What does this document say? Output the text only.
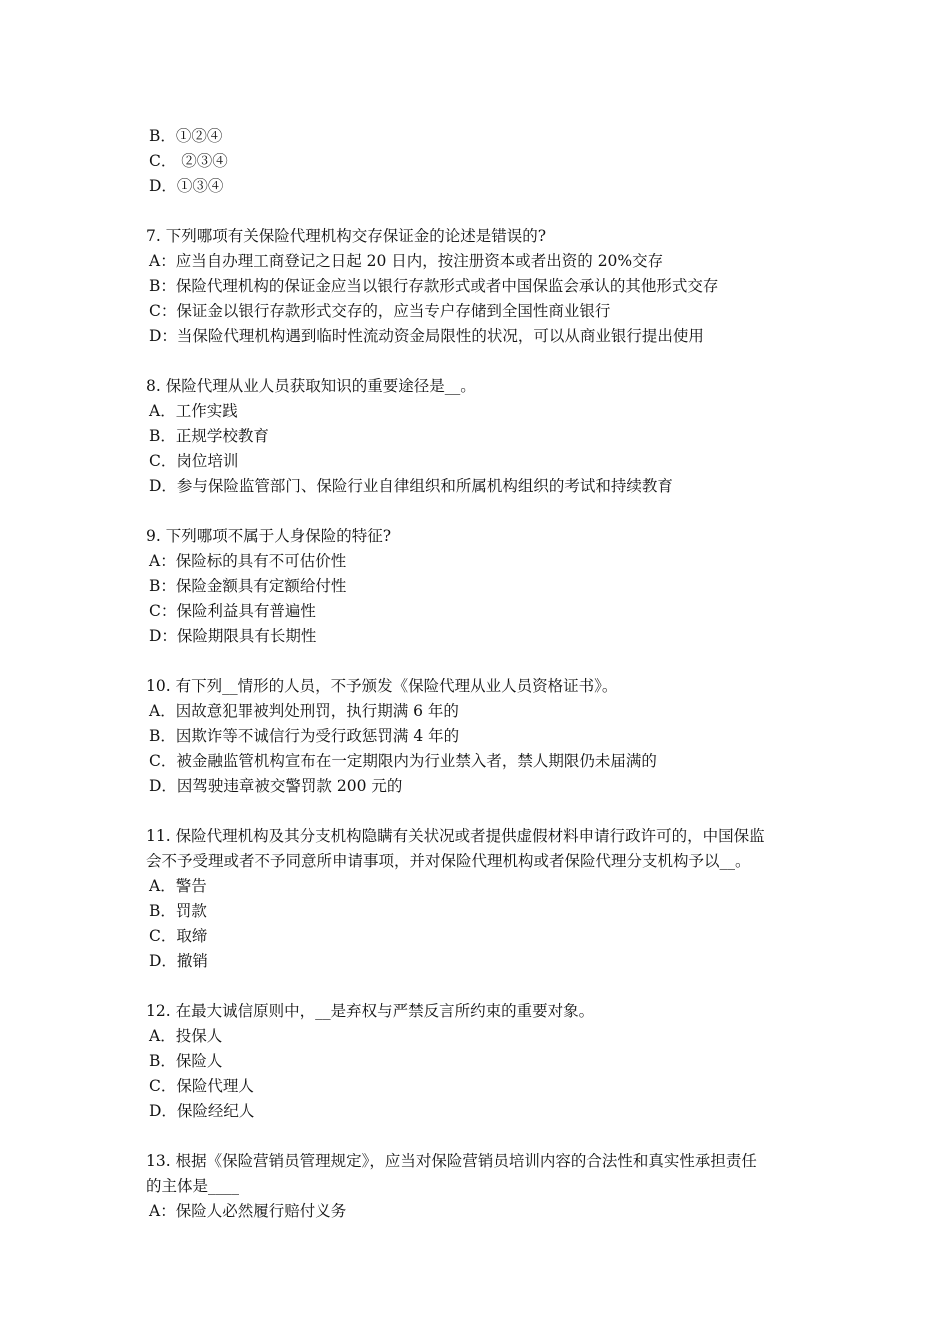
B．①②④
C． ②③④
D．①③④
7. 下列哪项有关保险代理机构交存保证金的论述是错误的?
A：应当自办理工商登记之日起 20 日内，按注册资本或者出资的 20%交存
B：保险代理机构的保证金应当以银行存款形式或者中国保监会承认的其他形式交存
C：保证金以银行存款形式交存的，应当专户存储到全国性商业银行
D：当保险代理机构遇到临时性流动资金局限性的状况，可以从商业银行提出使用
8. 保险代理从业人员获取知识的重要途径是__。
A．工作实践
B．正规学校教育
C．岗位培训
D．参与保险监管部门、保险行业自律组织和所属机构组织的考试和持续教育
9. 下列哪项不属于人身保险的特征?
A：保险标的具有不可估价性
B：保险金额具有定额给付性
C：保险利益具有普遍性
D：保险期限具有长期性
10. 有下列__情形的人员，不予颁发《保险代理从业人员资格证书》。
A．因故意犯罪被判处刑罚，执行期满 6 年的
B．因欺诈等不诚信行为受行政惩罚满 4 年的
C．被金融监管机构宣布在一定期限内为行业禁入者，禁人期限仍未届满的
D．因驾驶违章被交警罚款 200 元的
11. 保险代理机构及其分支机构隐瞒有关状况或者提供虚假材料申请行政许可的，中国保监
会不予受理或者不予同意所申请事项，并对保险代理机构或者保险代理分支机构予以__。
A．警告
B．罚款
C．取缔
D．撤销
12. 在最大诚信原则中，__是弃权与严禁反言所约束的重要对象。
A．投保人
B．保险人
C．保险代理人
D．保险经纪人
13. 根据《保险营销员管理规定》，应当对保险营销员培训内容的合法性和真实性承担责任
的主体是____
A：保险人必然履行赔付义务
